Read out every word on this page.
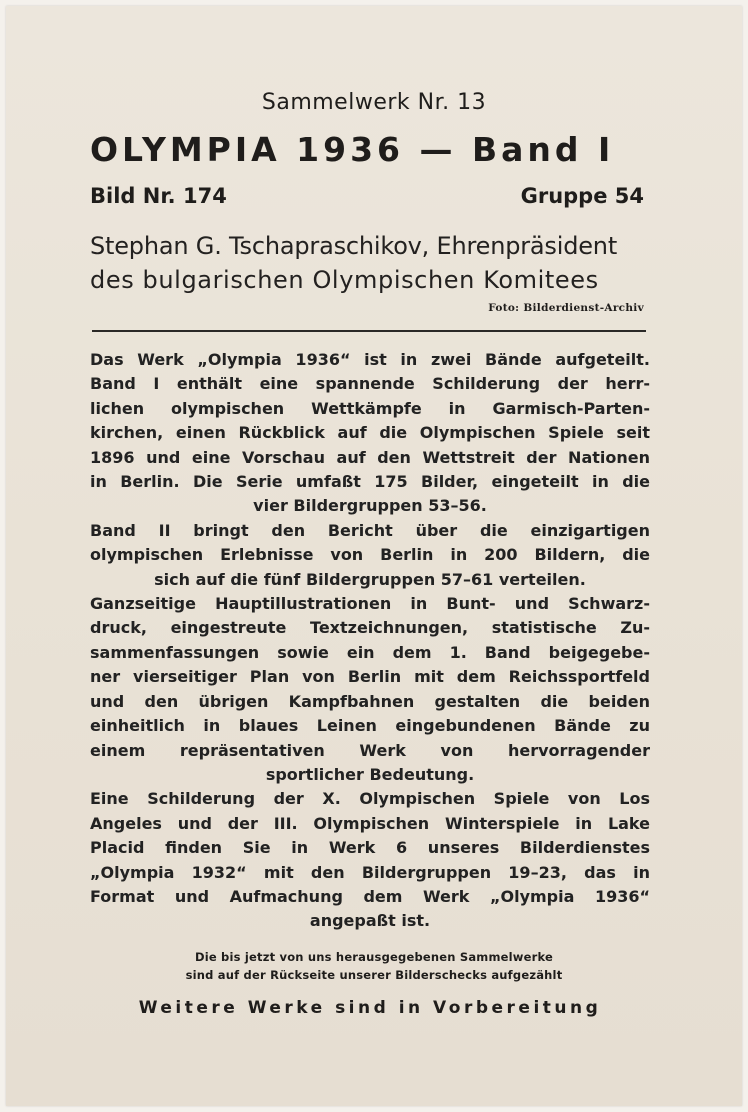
Sammelwerk Nr. 13
OLYMPIA 1936 — Band I
Bild Nr. 174	Gruppe 54
Stephan G. Tschapraschikov, Ehrenpräsident
des bulgarischen Olympischen Komitees
Foto: Bilderdienst-Archiv
Das Werk „Olympia 1936“ ist in zwei Bände aufgeteilt.
Band I enthält eine spannende Schilderung der herr-
lichen olympischen Wettkämpfe in Garmisch-Parten-
kirchen, einen Rückblick auf die Olympischen Spiele seit
1896 und eine Vorschau auf den Wettstreit der Nationen
in Berlin. Die Serie umfaßt 175 Bilder, eingeteilt in die
vier Bildergruppen 53–56.
Band II bringt den Bericht über die einzigartigen
olympischen Erlebnisse von Berlin in 200 Bildern, die
sich auf die fünf Bildergruppen 57–61 verteilen.
Ganzseitige Hauptillustrationen in Bunt- und Schwarz-
druck, eingestreute Textzeichnungen, statistische Zu-
sammenfassungen sowie ein dem 1. Band beigegebe-
ner vierseitiger Plan von Berlin mit dem Reichssportfeld
und den übrigen Kampfbahnen gestalten die beiden
einheitlich in blaues Leinen eingebundenen Bände zu
einem repräsentativen Werk von hervorragender
sportlicher Bedeutung.
Eine Schilderung der X. Olympischen Spiele von Los
Angeles und der III. Olympischen Winterspiele in Lake
Placid finden Sie in Werk 6 unseres Bilderdienstes
„Olympia 1932“ mit den Bildergruppen 19–23, das in
Format und Aufmachung dem Werk „Olympia 1936“
angepaßt ist.
Die bis jetzt von uns herausgegebenen Sammelwerke
sind auf der Rückseite unserer Bilderschecks aufgezählt
Weitere Werke sind in Vorbereitung
